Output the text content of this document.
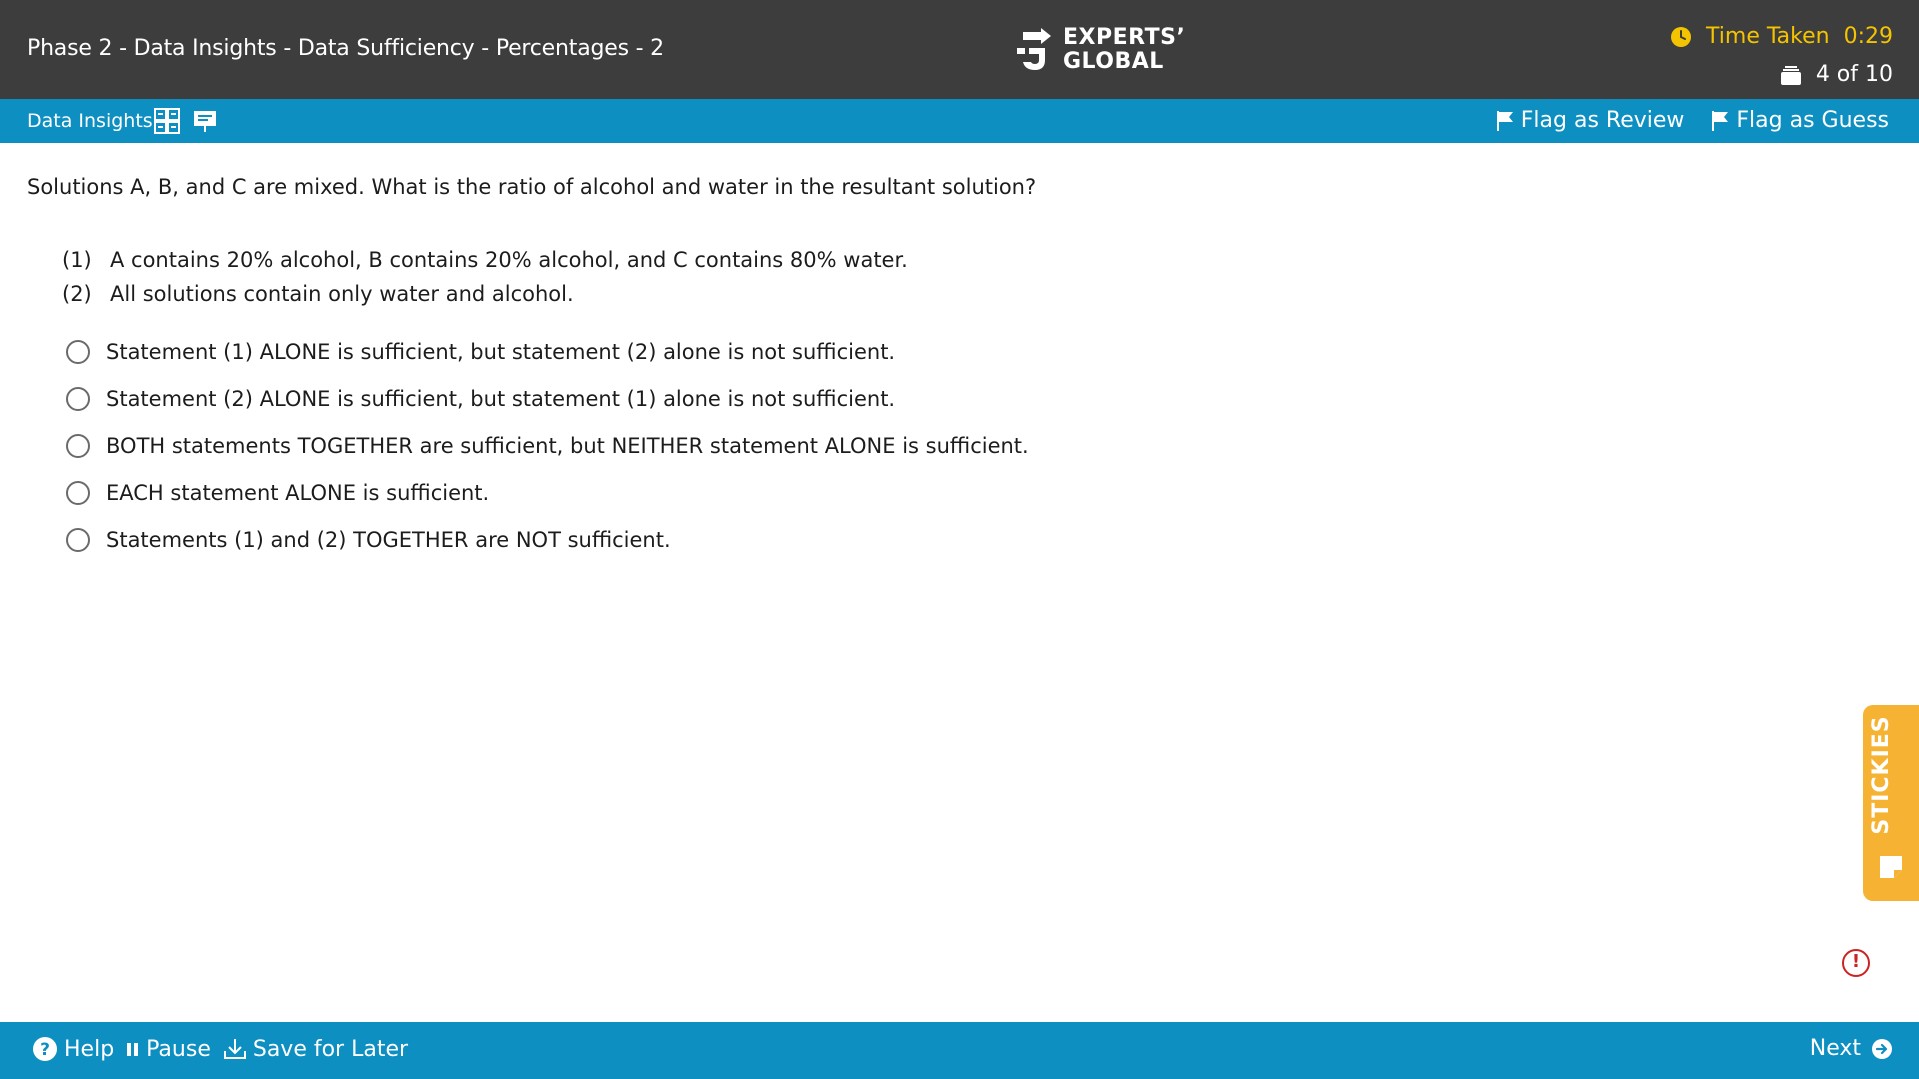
Phase 2 - Data Insights - Data Sufficiency - Percentages - 2	EXPERTS’
GLOBAL
Time Taken 0:29
4 of 10
Data Insights	Flag as Review Flag as Guess
Solutions A, B, and C are mixed. What is the ratio of alcohol and water in the resultant solution?
(1) A contains 20% alcohol, B contains 20% alcohol, and C contains 80% water.
(2) All solutions contain only water and alcohol.
Statement (1) ALONE is sufficient, but statement (2) alone is not sufficient.
Statement (2) ALONE is sufficient, but statement (1) alone is not sufficient.
BOTH statements TOGETHER are sufficient, but NEITHER statement ALONE is sufficient.
EACH statement ALONE is sufficient.
Statements (1) and (2) TOGETHER are NOT sufficient.
STICKIES
!
? Help Pause Save for Later	Next
